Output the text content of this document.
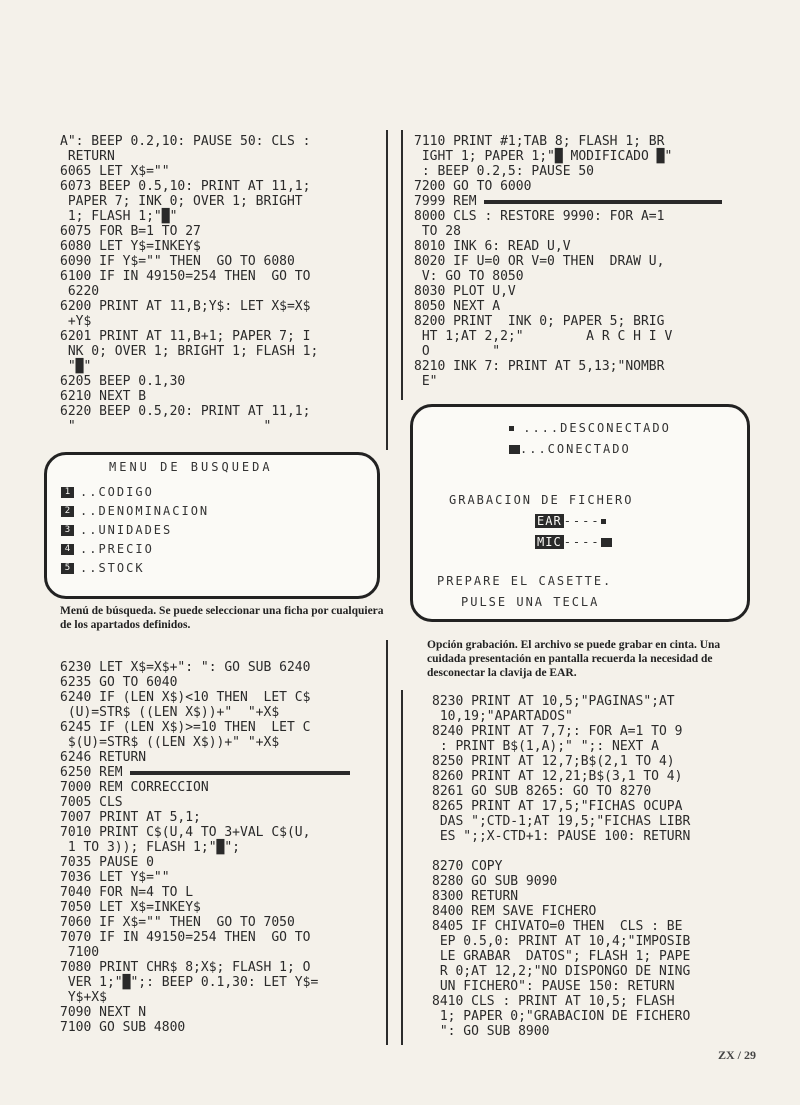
A": BEEP 0.2,10: PAUSE 50: CLS :
RETURN
6065 LET X$=""
6073 BEEP 0.5,10: PRINT AT 11,1;
PAPER 7; INK 0; OVER 1; BRIGHT
1; FLASH 1;"█"
6075 FOR B=1 TO 27
6080 LET Y$=INKEY$
6090 IF Y$="" THEN  GO TO 6080
6100 IF IN 49150=254 THEN  GO TO
6220
6200 PRINT AT 11,B;Y$: LET X$=X$
+Y$
6201 PRINT AT 11,B+1; PAPER 7; I
NK 0; OVER 1; BRIGHT 1; FLASH 1;
"█"
6205 BEEP 0.1,30
6210 NEXT B
6220 BEEP 0.5,20: PRINT AT 11,1;
"                        "
MENU DE BUSQUEDA
1 ..CODIGO
2 ..DENOMINACION
3 ..UNIDADES
4 ..PRECIO
5 ..STOCK
Menú de búsqueda. Se puede seleccionar una ficha por cualquiera de los apartados definidos.
6230 LET X$=X$+": ": GO SUB 6240
6235 GO TO 6040
6240 IF (LEN X$)<10 THEN  LET C$
(U)=STR$ ((LEN X$))+"  "+X$
6245 IF (LEN X$)>=10 THEN  LET C
$(U)=STR$ ((LEN X$))+" "+X$
6246 RETURN
6250 REM
7000 REM CORRECCION
7005 CLS
7007 PRINT AT 5,1;
7010 PRINT C$(U,4 TO 3+VAL C$(U,
1 TO 3)); FLASH 1;"█";
7035 PAUSE 0
7036 LET Y$=""
7040 FOR N=4 TO L
7050 LET X$=INKEY$
7060 IF X$="" THEN  GO TO 7050
7070 IF IN 49150=254 THEN  GO TO
7100
7080 PRINT CHR$ 8;X$; FLASH 1; O
VER 1;"█";: BEEP 0.1,30: LET Y$=
Y$+X$
7090 NEXT N
7100 GO SUB 4800
7110 PRINT #1;TAB 8; FLASH 1; BR
IGHT 1; PAPER 1;"█ MODIFICADO █"
: BEEP 0.2,5: PAUSE 50
7200 GO TO 6000
7999 REM
8000 CLS : RESTORE 9990: FOR A=1
TO 28
8010 INK 6: READ U,V
8020 IF U=0 OR V=0 THEN  DRAW U,
V: GO TO 8050
8030 PLOT U,V
8050 NEXT A
8200 PRINT  INK 0; PAPER 5; BRIG
HT 1;AT 2,2;"        A R C H I V
O        "
8210 INK 7: PRINT AT 5,13;"NOMBR
E"
....DESCONECTADO
...CONECTADO
GRABACION DE FICHERO
EAR ----
MIC ----
PREPARE EL CASETTE.
PULSE UNA TECLA
Opción grabación. El archivo se puede grabar en cinta. Una cuidada presentación en pantalla recuerda la necesidad de desconectar la clavija de EAR.
8230 PRINT AT 10,5;"PAGINAS";AT
10,19;"APARTADOS"
8240 PRINT AT 7,7;: FOR A=1 TO 9
: PRINT B$(1,A);" ";: NEXT A
8250 PRINT AT 12,7;B$(2,1 TO 4)
8260 PRINT AT 12,21;B$(3,1 TO 4)
8261 GO SUB 8265: GO TO 8270
8265 PRINT AT 17,5;"FICHAS OCUPA
DAS ";CTD-1;AT 19,5;"FICHAS LIBR
ES ";;X-CTD+1: PAUSE 100: RETURN
8270 COPY
8280 GO SUB 9090
8300 RETURN
8400 REM SAVE FICHERO
8405 IF CHIVATO=0 THEN  CLS : BE
EP 0.5,0: PRINT AT 10,4;"IMPOSIB
LE GRABAR  DATOS"; FLASH 1; PAPE
R 0;AT 12,2;"NO DISPONGO DE NING
UN FICHERO": PAUSE 150: RETURN
8410 CLS : PRINT AT 10,5; FLASH
1; PAPER 0;"GRABACION DE FICHERO
": GO SUB 8900
ZX / 29
